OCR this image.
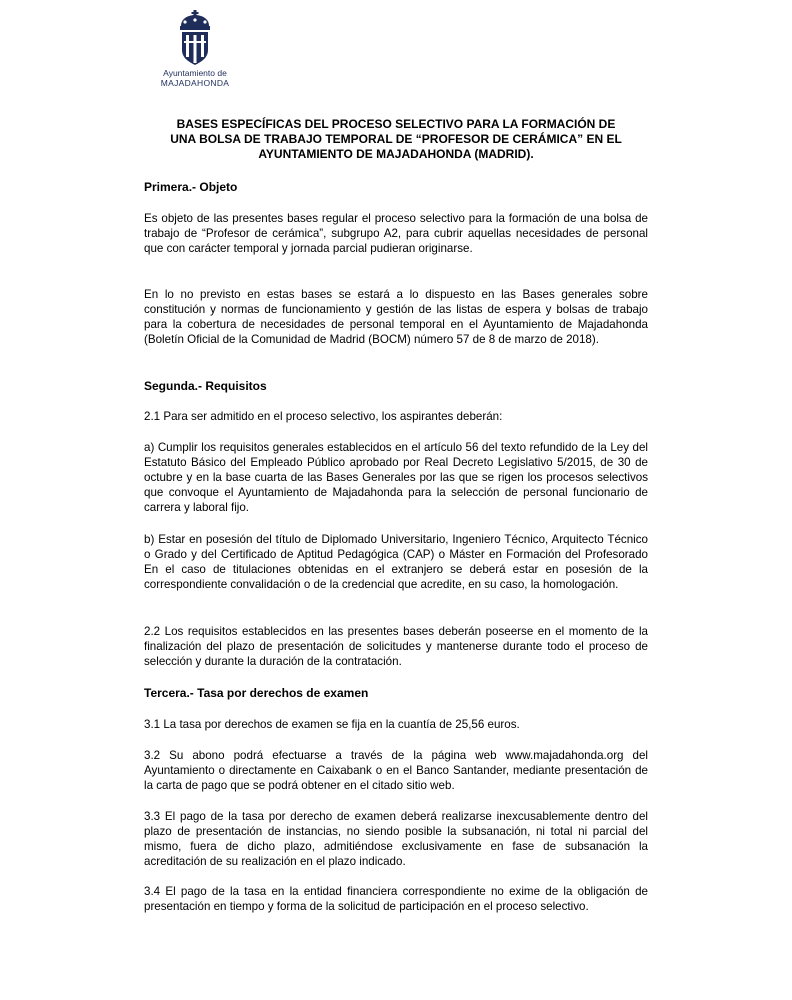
Ayuntamiento de
MAJADAHONDA
BASES ESPECÍFICAS DEL PROCESO SELECTIVO PARA LA FORMACIÓN DE
UNA BOLSA DE TRABAJO TEMPORAL DE “PROFESOR DE CERÁMICA” EN EL
AYUNTAMIENTO DE MAJADAHONDA (MADRID).

Primera.- Objeto

Es objeto de las presentes bases regular el proceso selectivo para la formación de una bolsa de trabajo de “Profesor de cerámica”, subgrupo A2, para cubrir aquellas necesidades de personal que con carácter temporal y jornada parcial pudieran originarse.

En lo no previsto en estas bases se estará a lo dispuesto en las Bases generales sobre constitución y normas de funcionamiento y gestión de las listas de espera y bolsas de trabajo para la cobertura de necesidades de personal temporal en el Ayuntamiento de Majadahonda (Boletín Oficial de la Comunidad de Madrid (BOCM) número 57 de 8 de marzo de 2018).

Segunda.- Requisitos

2.1 Para ser admitido en el proceso selectivo, los aspirantes deberán:

a) Cumplir los requisitos generales establecidos en el artículo 56 del texto refundido de la Ley del Estatuto Básico del Empleado Público aprobado por Real Decreto Legislativo 5/2015, de 30 de octubre y en la base cuarta de las Bases Generales por las que se rigen los procesos selectivos que convoque el Ayuntamiento de Majadahonda para la selección de personal funcionario de carrera y laboral fijo.

b) Estar en posesión del título de Diplomado Universitario, Ingeniero Técnico, Arquitecto Técnico o Grado y del Certificado de Aptitud Pedagógica (CAP) o Máster en Formación del Profesorado En el caso de titulaciones obtenidas en el extranjero se deberá estar en posesión de la correspondiente convalidación o de la credencial que acredite, en su caso, la homologación.

2.2 Los requisitos establecidos en las presentes bases deberán poseerse en el momento de la finalización del plazo de presentación de solicitudes y mantenerse durante todo el proceso de selección y durante la duración de la contratación.

Tercera.- Tasa por derechos de examen

3.1 La tasa por derechos de examen se fija en la cuantía de 25,56 euros.

3.2 Su abono podrá efectuarse a través de la página web www.majadahonda.org del Ayuntamiento o directamente en Caixabank o en el Banco Santander, mediante presentación de la carta de pago que se podrá obtener en el citado sitio web.

3.3 El pago de la tasa por derecho de examen deberá realizarse inexcusablemente dentro del plazo de presentación de instancias, no siendo posible la subsanación, ni total ni parcial del mismo, fuera de dicho plazo, admitiéndose exclusivamente en fase de subsanación la acreditación de su realización en el plazo indicado.

3.4 El pago de la tasa en la entidad financiera correspondiente no exime de la obligación de presentación en tiempo y forma de la solicitud de participación en el proceso selectivo.
